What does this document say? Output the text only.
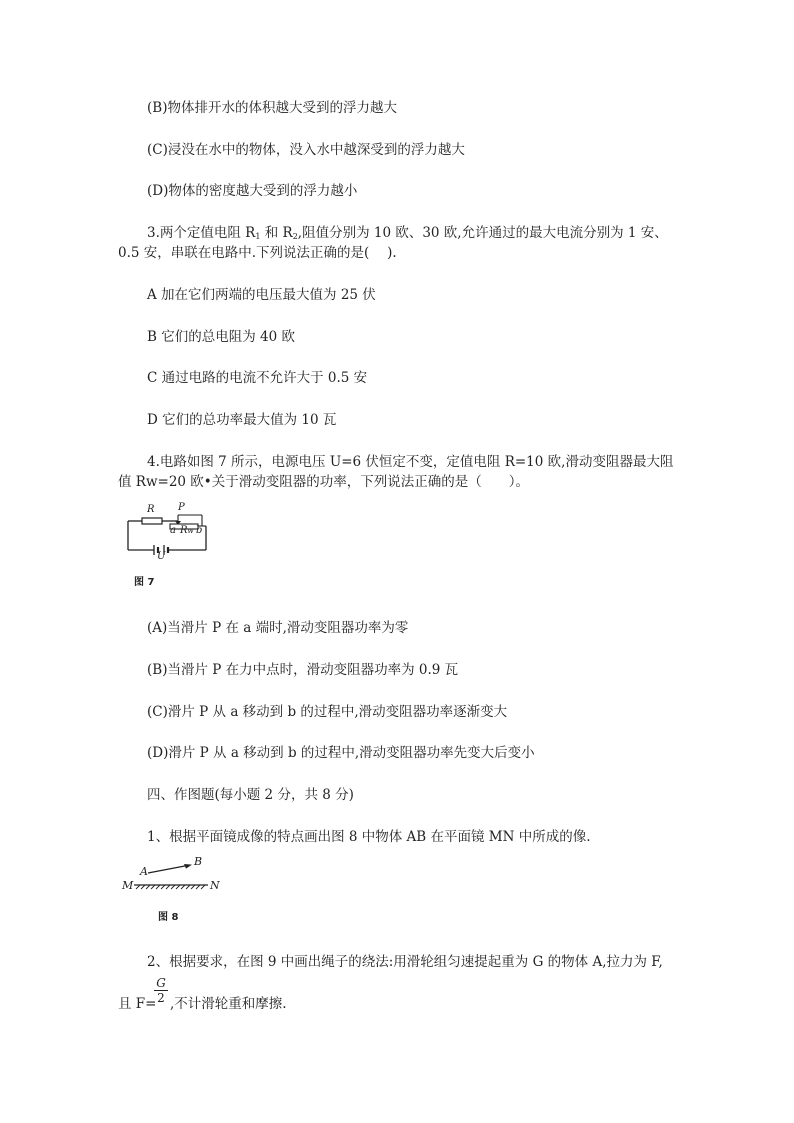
(B)物体排开水的体积越大受到的浮力越大
(C)浸没在水中的物体，没入水中越深受到的浮力越大
(D)物体的密度越大受到的浮力越小
3.两个定值电阻 $R_1$ 和 $R_2$,阻值分别为 10 欧、30 欧,允许通过的最大电流分别为 1 安、
0.5 安，串联在电路中.下列说法正确的是(　 ).
A 加在它们两端的电压最大值为 25 伏
B 它们的总电阻为 40 欧
C 通过电路的电流不允许大于 0.5 安
D 它们的总功率最大值为 10 瓦
4.电路如图 7 所示，电源电压 U=6 伏恒定不变，定值电阻 R=10 欧,滑动变阻器最大阻
值 Rw=20 欧•关于滑动变阻器的功率，下列说法正确的是（　　）。
R P
a Rw b
U
图 7
(A)当滑片 P 在 a 端时,滑动变阻器功率为零
(B)当滑片 P 在力中点时，滑动变阻器功率为 0.9 瓦
(C)滑片 P 从 a 移动到 b 的过程中,滑动变阻器功率逐渐变大
(D)滑片 P 从 a 移动到 b 的过程中,滑动变阻器功率先变大后变小
四、作图题(每小题 2 分，共 8 分)
1、根据平面镜成像的特点画出图 8 中物体 AB 在平面镜 MN 中所成的像.
A
B
M	N
图 8
2、根据要求，在图 9 中画出绳子的绕法:用滑轮组匀速提起重为 G 的物体 A,拉力为 F,
且 F=
$\frac{G}{2}$ ,不计滑轮重和摩擦.
